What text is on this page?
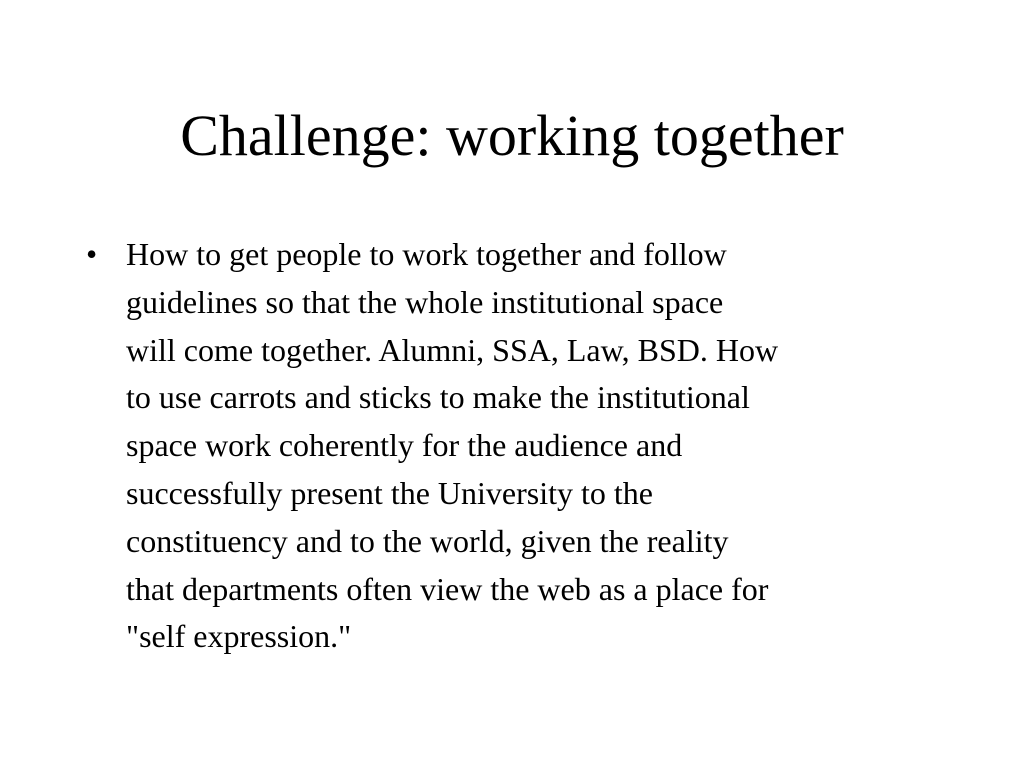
Challenge: working together
• How to get people to work together and follow
guidelines so that the whole institutional space
will come together. Alumni, SSA, Law, BSD. How
to use carrots and sticks to make the institutional
space work coherently for the audience and
successfully present the University to the
constituency and to the world, given the reality
that departments often view the web as a place for
"self expression."
